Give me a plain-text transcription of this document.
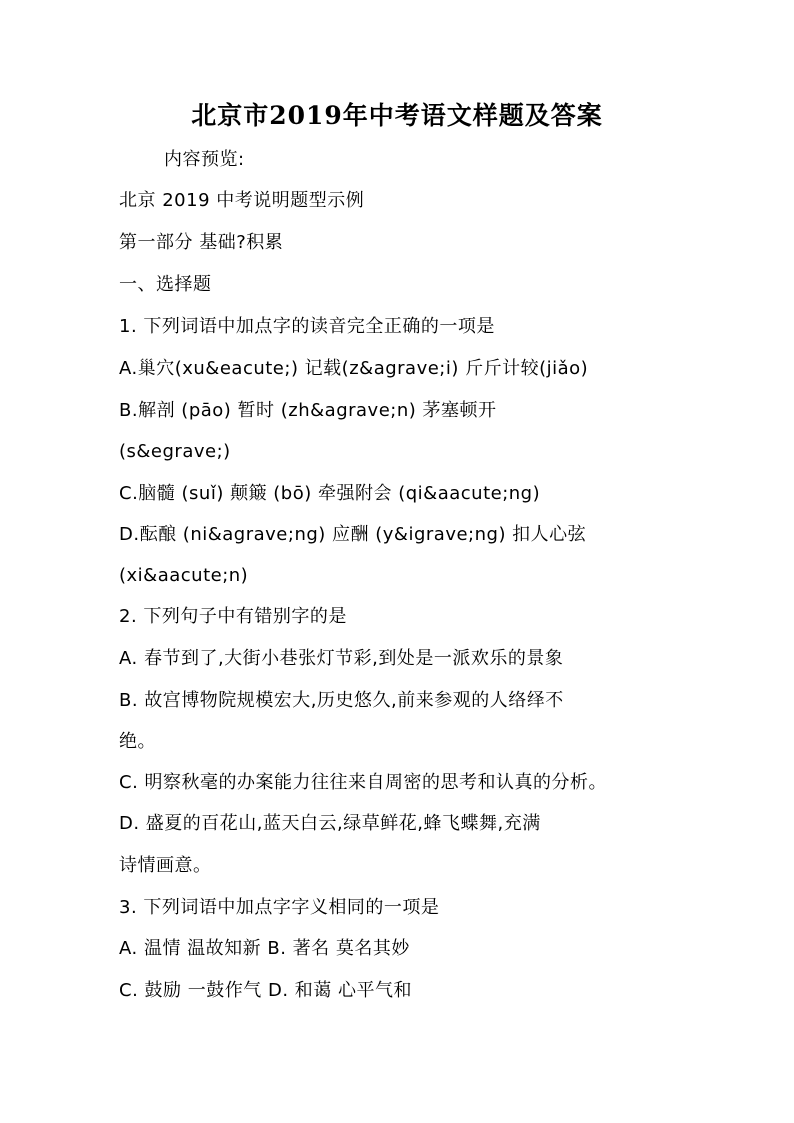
北京市2019年中考语文样题及答案
内容预览:
北京 2019 中考说明题型示例
第一部分 基础?积累
一、选择题
1. 下列词语中加点字的读音完全正确的一项是
A.巢穴(xu&eacute;) 记载(z&agrave;i) 斤斤计较(jiǎo)
B.解剖 (pāo) 暂时 (zh&agrave;n) 茅塞顿开
(s&egrave;)
C.脑髓 (suǐ) 颠簸 (bō) 牵强附会 (qi&aacute;ng)
D.酝酿 (ni&agrave;ng) 应酬 (y&igrave;ng) 扣人心弦
(xi&aacute;n)
2. 下列句子中有错别字的是
A. 春节到了,大街小巷张灯节彩,到处是一派欢乐的景象
B. 故宫博物院规模宏大,历史悠久,前来参观的人络绎不
绝。
C. 明察秋毫的办案能力往往来自周密的思考和认真的分析。
D. 盛夏的百花山,蓝天白云,绿草鲜花,蜂飞蝶舞,充满
诗情画意。
3. 下列词语中加点字字义相同的一项是
A. 温情 温故知新 B. 著名 莫名其妙
C. 鼓励 一鼓作气 D. 和蔼 心平气和
